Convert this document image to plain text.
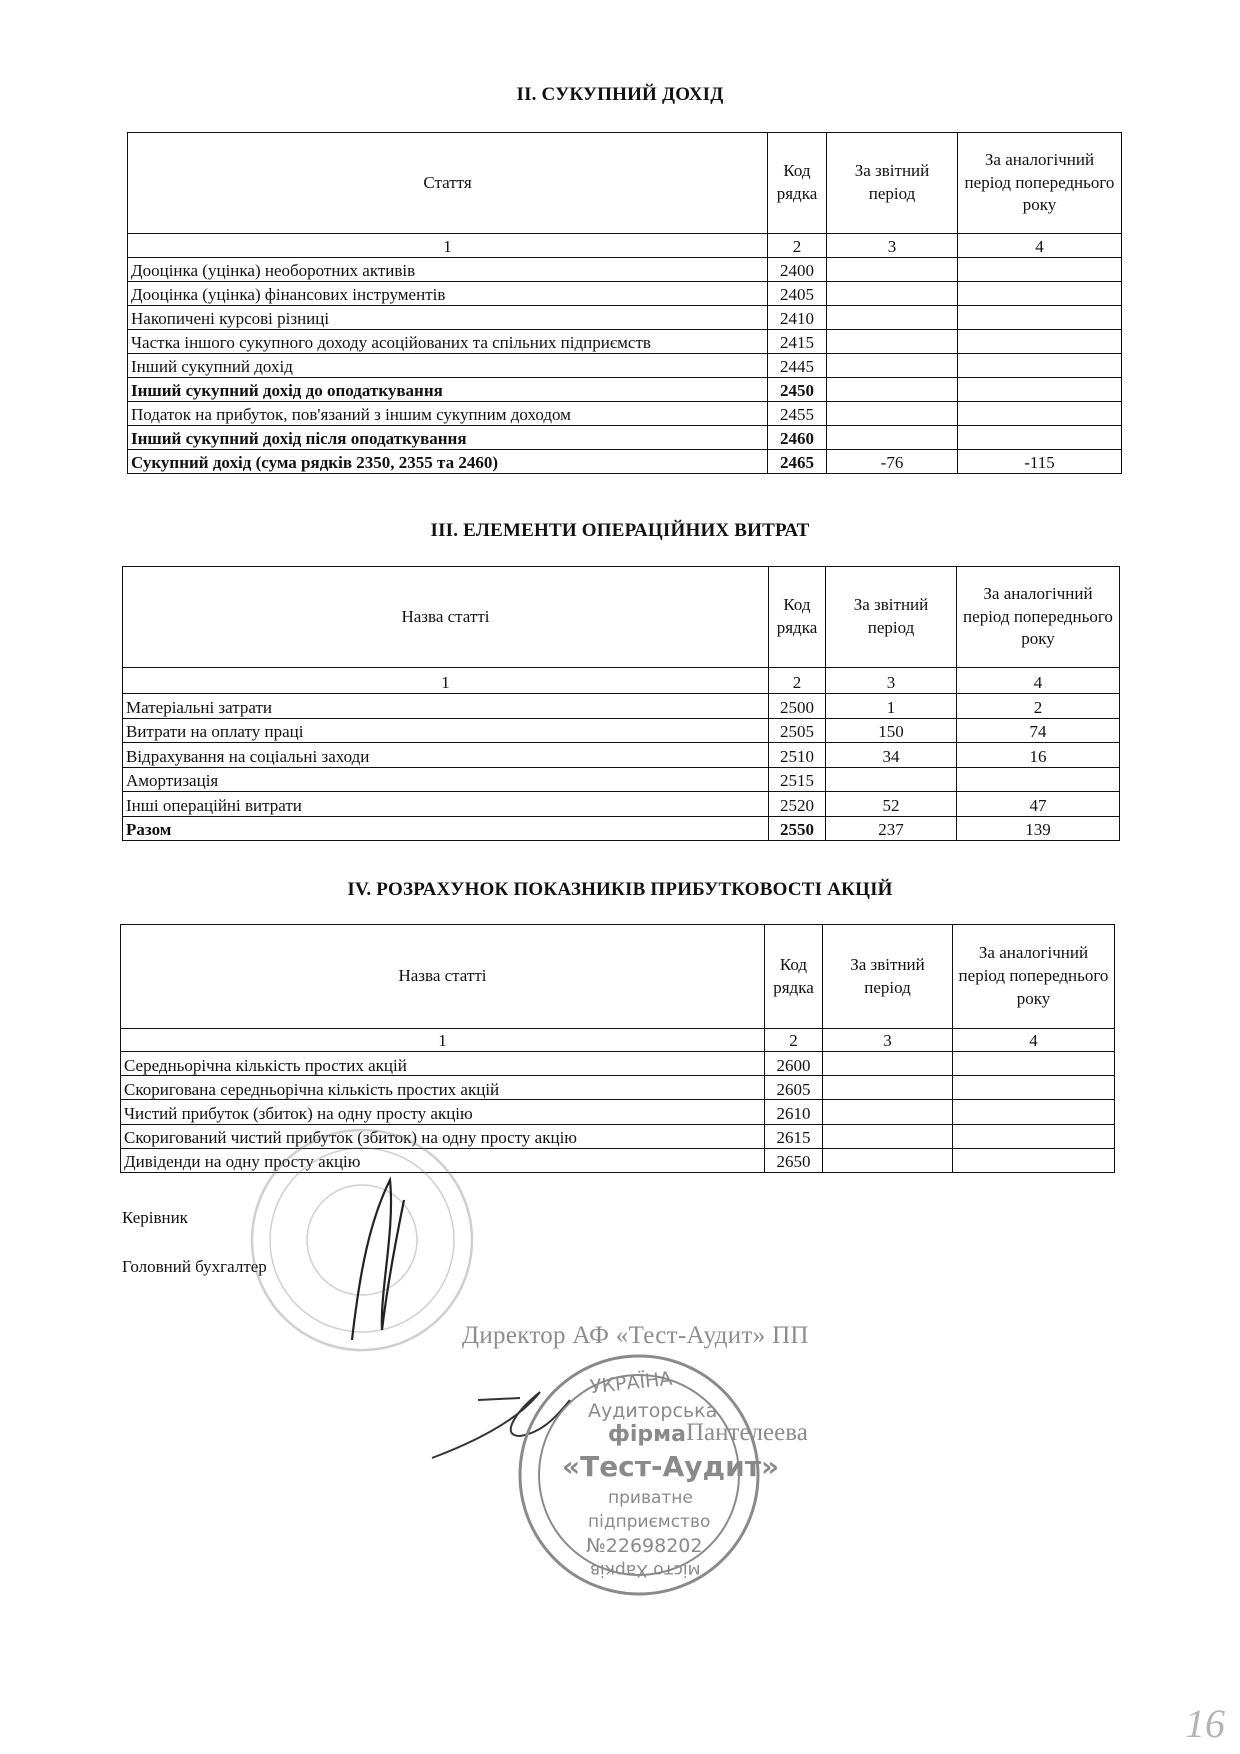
ІІ. СУКУПНИЙ ДОХІД
Стаття	Код рядка	За звітний період	За аналогічний період попереднього року
1	2	3	4
Дооцінка (уцінка) необоротних активів	2400		
Дооцінка (уцінка) фінансових інструментів	2405		
Накопичені курсові різниці	2410		
Частка іншого сукупного доходу асоційованих та спільних підприємств	2415		
Інший сукупний дохід	2445		
Інший сукупний дохід до оподаткування	2450		
Податок на прибуток, пов'язаний з іншим сукупним доходом	2455		
Інший сукупний дохід після оподаткування	2460		
Сукупний дохід (сума рядків 2350, 2355 та 2460)	2465	-76	-115
ІІІ. ЕЛЕМЕНТИ ОПЕРАЦІЙНИХ ВИТРАТ
Назва статті	Код рядка	За звітний період	За аналогічний період попереднього року
1	2	3	4
Матеріальні затрати	2500	1	2
Витрати на оплату праці	2505	150	74
Відрахування на соціальні заходи	2510	34	16
Амортизація	2515		
Інші операційні витрати	2520	52	47
Разом	2550	237	139
IV. РОЗРАХУНОК ПОКАЗНИКІВ ПРИБУТКОВОСТІ АКЦІЙ
Назва статті	Код рядка	За звітний період	За аналогічний період попереднього року
1	2	3	4
Середньорічна кількість простих акцій	2600		
Скоригована середньорічна кількість простих акцій	2605		
Чистий прибуток (збиток) на одну просту акцію	2610		
Скоригований чистий прибуток (збиток) на одну просту акцію	2615		
Дивіденди на одну просту акцію	2650		
Керівник
Головний бухгалтер
УКРАЇНА
Аудиторська
фірма
«Тест-Аудит»
приватне
підприємство
№22698202
місто Харків
Директор АФ «Тест-Аудит» ПП
Пантелеева
16
